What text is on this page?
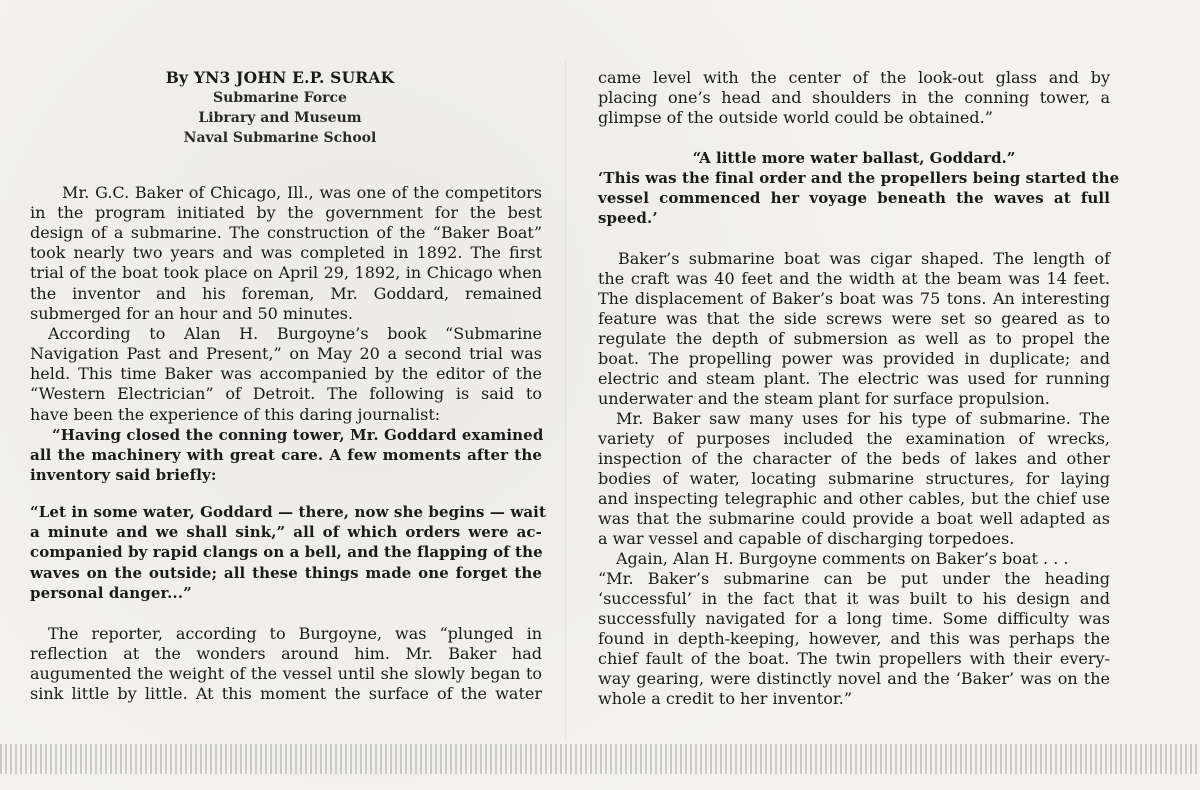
By YN3 JOHN E.P. SURAK
Submarine Force
Library and Museum
Naval Submarine School
Mr. G.C. Baker of Chicago, Ill., was one of the competitors
in the program initiated by the government for the best
design of a submarine. The construction of the “Baker Boat”
took nearly two years and was completed in 1892. The first
trial of the boat took place on April 29, 1892, in Chicago when
the inventor and his foreman, Mr. Goddard, remained
submerged for an hour and 50 minutes.
According to Alan H. Burgoyne’s book “Submarine
Navigation Past and Present,” on May 20 a second trial was
held. This time Baker was accompanied by the editor of the
“Western Electrician” of Detroit. The following is said to
have been the experience of this daring journalist:
“Having closed the conning tower, Mr. Goddard examined
all the machinery with great care. A few moments after the
inventory said briefly:
“Let in some water, Goddard — there, now she begins — wait
a minute and we shall sink,” all of which orders were ac-
companied by rapid clangs on a bell, and the flapping of the
waves on the outside; all these things made one forget the
personal danger...”
The reporter, according to Burgoyne, was “plunged in
reflection at the wonders around him. Mr. Baker had
augumented the weight of the vessel until she slowly began to
sink little by little. At this moment the surface of the water
came level with the center of the look-out glass and by
placing one’s head and shoulders in the conning tower, a
glimpse of the outside world could be obtained.”
“A little more water ballast, Goddard.”
‘This was the final order and the propellers being started the
vessel commenced her voyage beneath the waves at full
speed.’
Baker’s submarine boat was cigar shaped. The length of
the craft was 40 feet and the width at the beam was 14 feet.
The displacement of Baker’s boat was 75 tons. An interesting
feature was that the side screws were set so geared as to
regulate the depth of submersion as well as to propel the
boat. The propelling power was provided in duplicate; and
electric and steam plant. The electric was used for running
underwater and the steam plant for surface propulsion.
Mr. Baker saw many uses for his type of submarine. The
variety of purposes included the examination of wrecks,
inspection of the character of the beds of lakes and other
bodies of water, locating submarine structures, for laying
and inspecting telegraphic and other cables, but the chief use
was that the submarine could provide a boat well adapted as
a war vessel and capable of discharging torpedoes.
Again, Alan H. Burgoyne comments on Baker’s boat . . .
“Mr. Baker’s submarine can be put under the heading
‘successful’ in the fact that it was built to his design and
successfully navigated for a long time. Some difficulty was
found in depth-keeping, however, and this was perhaps the
chief fault of the boat. The twin propellers with their every-
way gearing, were distinctly novel and the ‘Baker’ was on the
whole a credit to her inventor.”
